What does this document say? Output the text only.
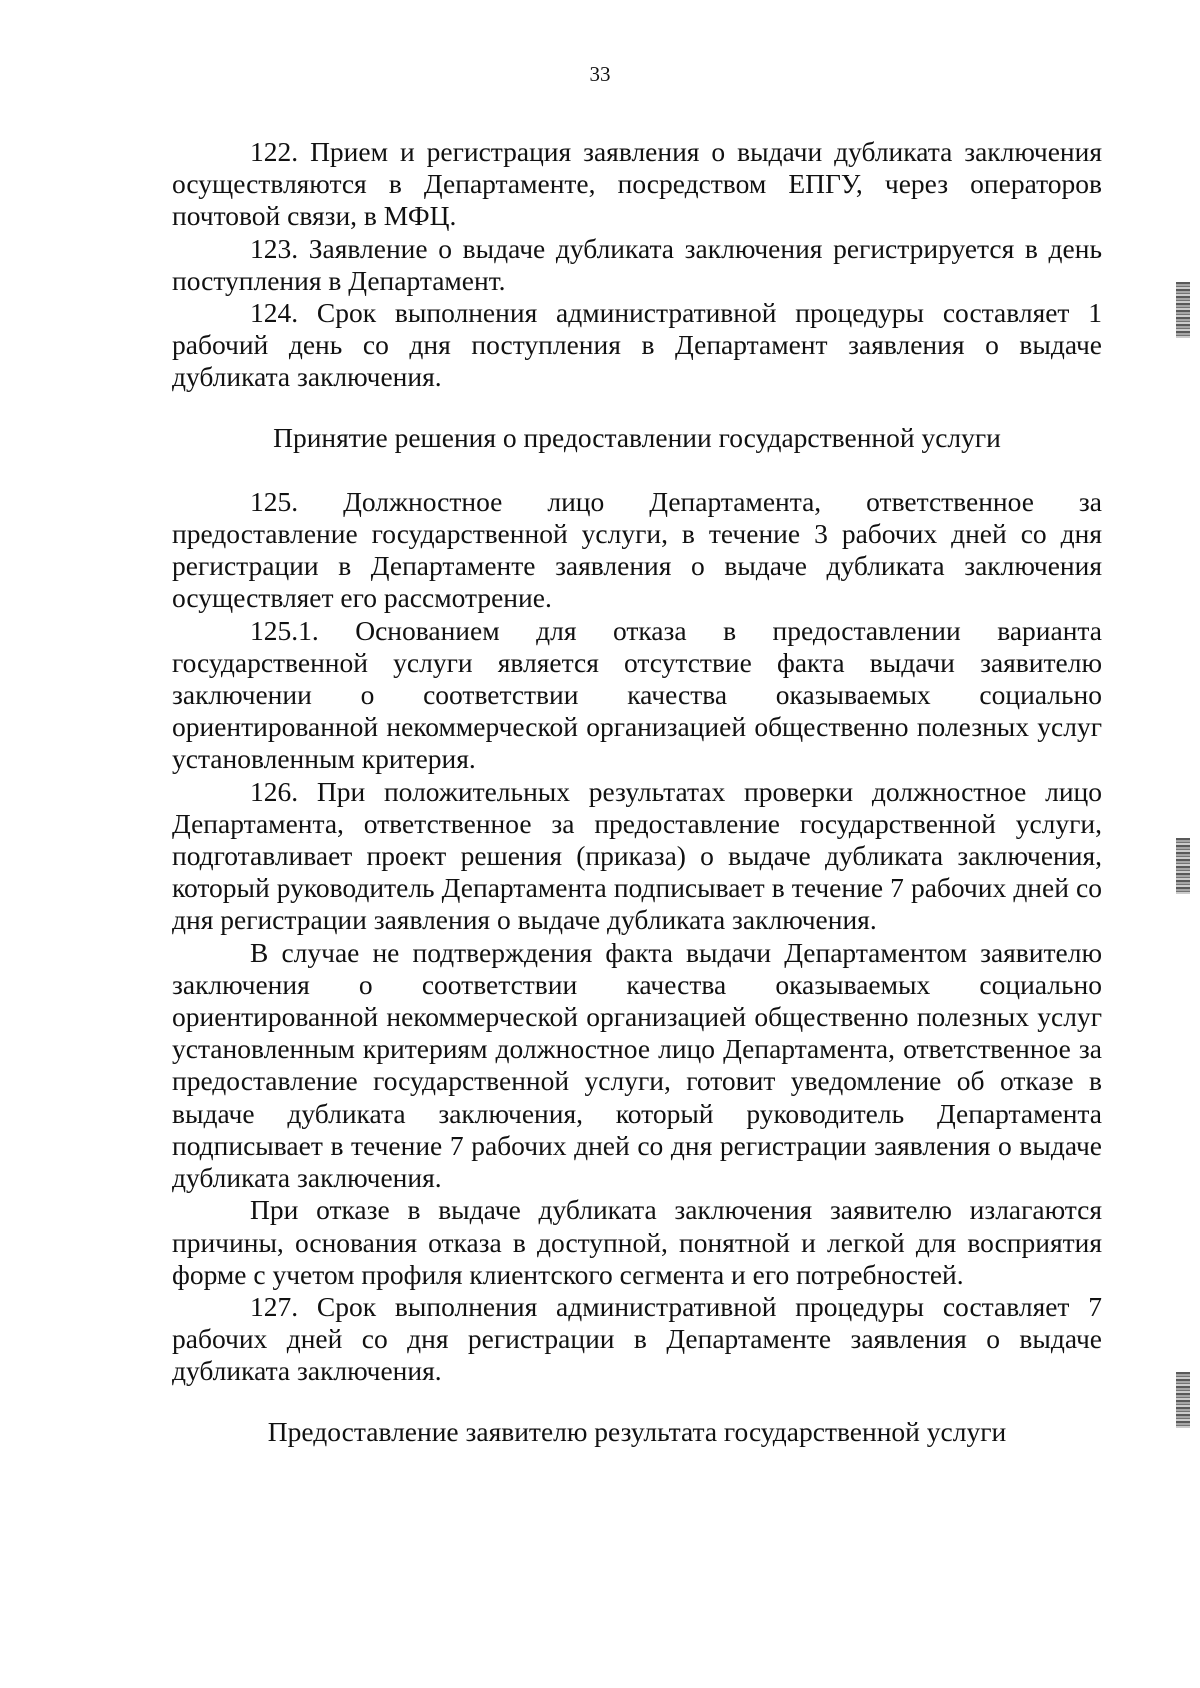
33

122. Прием и регистрация заявления о выдачи дубликата заключения осуществляются в Департаменте, посредством ЕПГУ, через операторов почтовой связи, в МФЦ.

123. Заявление о выдаче дубликата заключения регистрируется в день поступления в Департамент.

124. Срок выполнения административной процедуры составляет 1 рабочий день со дня поступления в Департамент заявления о выдаче дубликата заключения.

Принятие решения о предоставлении государственной услуги

125. Должностное лицо Департамента, ответственное за предоставление государственной услуги, в течение 3 рабочих дней со дня регистрации в Департаменте заявления о выдаче дубликата заключения осуществляет его рассмотрение.

125.1. Основанием для отказа в предоставлении варианта государственной услуги является отсутствие факта выдачи заявителю заключении о соответствии качества оказываемых социально ориентированной некоммерческой организацией общественно полезных услуг установленным критерия.

126. При положительных результатах проверки должностное лицо Департамента, ответственное за предоставление государственной услуги, подготавливает проект решения (приказа) о выдаче дубликата заключения, который руководитель Департамента подписывает в течение 7 рабочих дней со дня регистрации заявления о выдаче дубликата заключения.

В случае не подтверждения факта выдачи Департаментом заявителю заключения о соответствии качества оказываемых социально ориентированной некоммерческой организацией общественно полезных услуг установленным критериям должностное лицо Департамента, ответственное за предоставление государственной услуги, готовит уведомление об отказе в выдаче дубликата заключения, который руководитель Департамента подписывает в течение 7 рабочих дней со дня регистрации заявления о выдаче дубликата заключения.

При отказе в выдаче дубликата заключения заявителю излагаются причины, основания отказа в доступной, понятной и легкой для восприятия форме с учетом профиля клиентского сегмента и его потребностей.

127. Срок выполнения административной процедуры составляет 7 рабочих дней со дня регистрации в Департаменте заявления о выдаче дубликата заключения.

Предоставление заявителю результата государственной услуги
